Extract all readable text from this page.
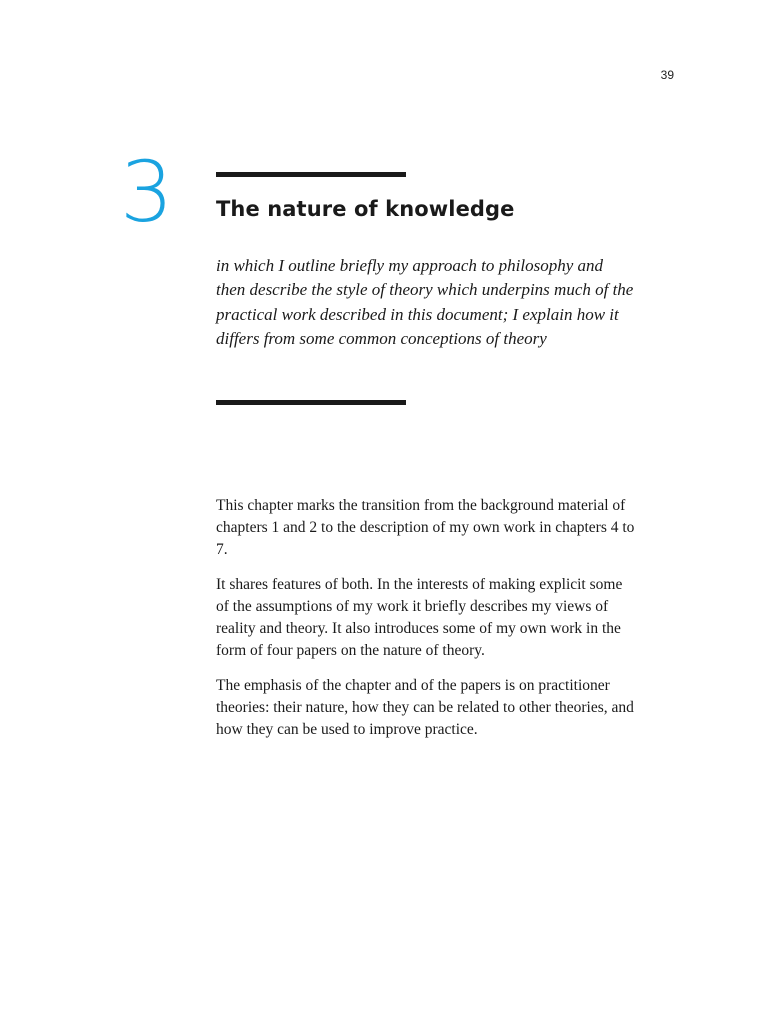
39
3 The nature of knowledge

in which I outline briefly my approach to philosophy and then describe the style of theory which underpins much of the practical work described in this document; I explain how it differs from some common conceptions of theory

This chapter marks the transition from the background material of chapters 1 and 2 to the description of my own work in chapters 4 to 7.

It shares features of both. In the interests of making explicit some of the assumptions of my work it briefly describes my views of reality and theory. It also introduces some of my own work in the form of four papers on the nature of theory.

The emphasis of the chapter and of the papers is on practitioner theories: their nature, how they can be related to other theories, and how they can be used to improve practice.
